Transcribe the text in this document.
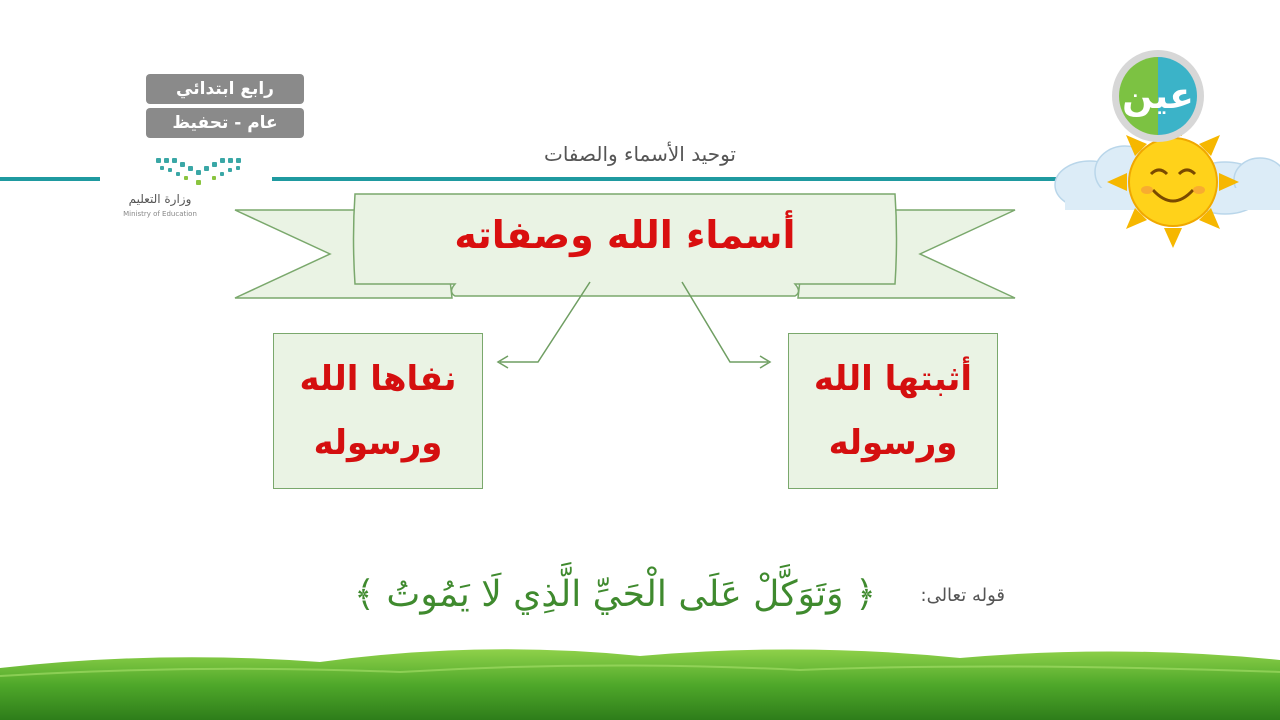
رابع ابتدائي
عام - تحفيظ
وزارة التعليم
Ministry of Education
توحيد الأسماء والصفات
عين
أسماء الله وصفاته
أثبتها الله
ورسوله
نفاها الله
ورسوله
قوله تعالى:
﴿ وَتَوَكَّلْ عَلَى الْحَيِّ الَّذِي لَا يَمُوتُ ﴾
